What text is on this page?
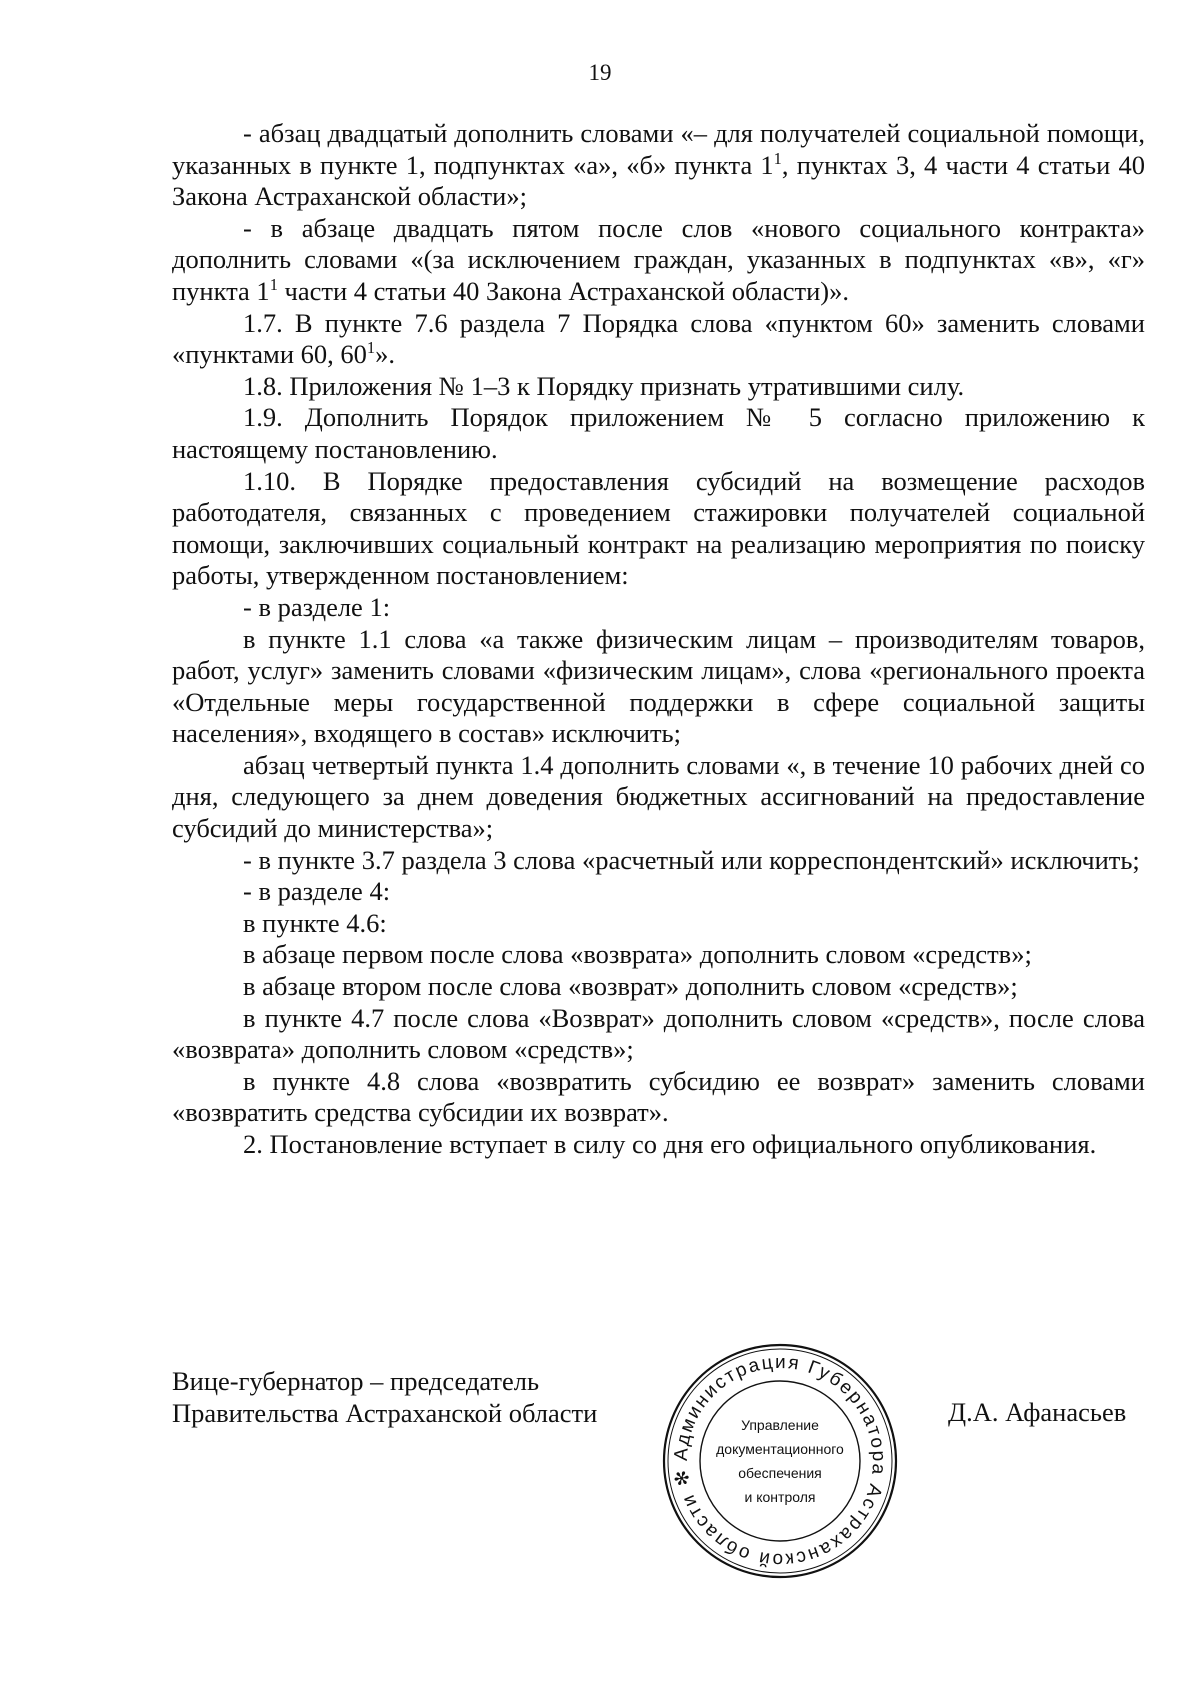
19

- абзац двадцатый дополнить словами «– для получателей социальной помощи, указанных в пункте 1, подпунктах «а», «б» пункта $1^1$, пунктах 3, 4 части 4 статьи 40 Закона Астраханской области»;

- в абзаце двадцать пятом после слов «нового социального контракта» дополнить словами «(за исключением граждан, указанных в подпунктах «в», «г» пункта $1^1$ части 4 статьи 40 Закона Астраханской области)».

1.7. В пункте 7.6 раздела 7 Порядка слова «пунктом 60» заменить словами «пунктами 60, $60^1$».

1.8. Приложения № 1–3 к Порядку признать утратившими силу.

1.9. Дополнить Порядок приложением № 5 согласно приложению к настоящему постановлению.

1.10. В Порядке предоставления субсидий на возмещение расходов работодателя, связанных с проведением стажировки получателей социальной помощи, заключивших социальный контракт на реализацию мероприятия по поиску работы, утвержденном постановлением:

- в разделе 1:

в пункте 1.1 слова «а также физическим лицам – производителям товаров, работ, услуг» заменить словами «физическим лицам», слова «регионального проекта «Отдельные меры государственной поддержки в сфере социальной защиты населения», входящего в состав» исключить;

абзац четвертый пункта 1.4 дополнить словами «, в течение 10 рабочих дней со дня, следующего за днем доведения бюджетных ассигнований на предоставление субсидий до министерства»;

- в пункте 3.7 раздела 3 слова «расчетный или корреспондентский» исключить;

- в разделе 4:

в пункте 4.6:

в абзаце первом после слова «возврата» дополнить словом «средств»;

в абзаце втором после слова «возврат» дополнить словом «средств»;

в пункте 4.7 после слова «Возврат» дополнить словом «средств», после слова «возврата» дополнить словом «средств»;

в пункте 4.8 слова «возвратить субсидию ее возврат» заменить словами «возвратить средства субсидии их возврат».

2. Постановление вступает в силу со дня его официального опубликования.

Вице-губернатор – председатель
Правительства Астраханской области
Администрация Губернатора Астраханской области ✻
Управление
документационного
обеспечения
и контроля
Д.А. Афанасьев
